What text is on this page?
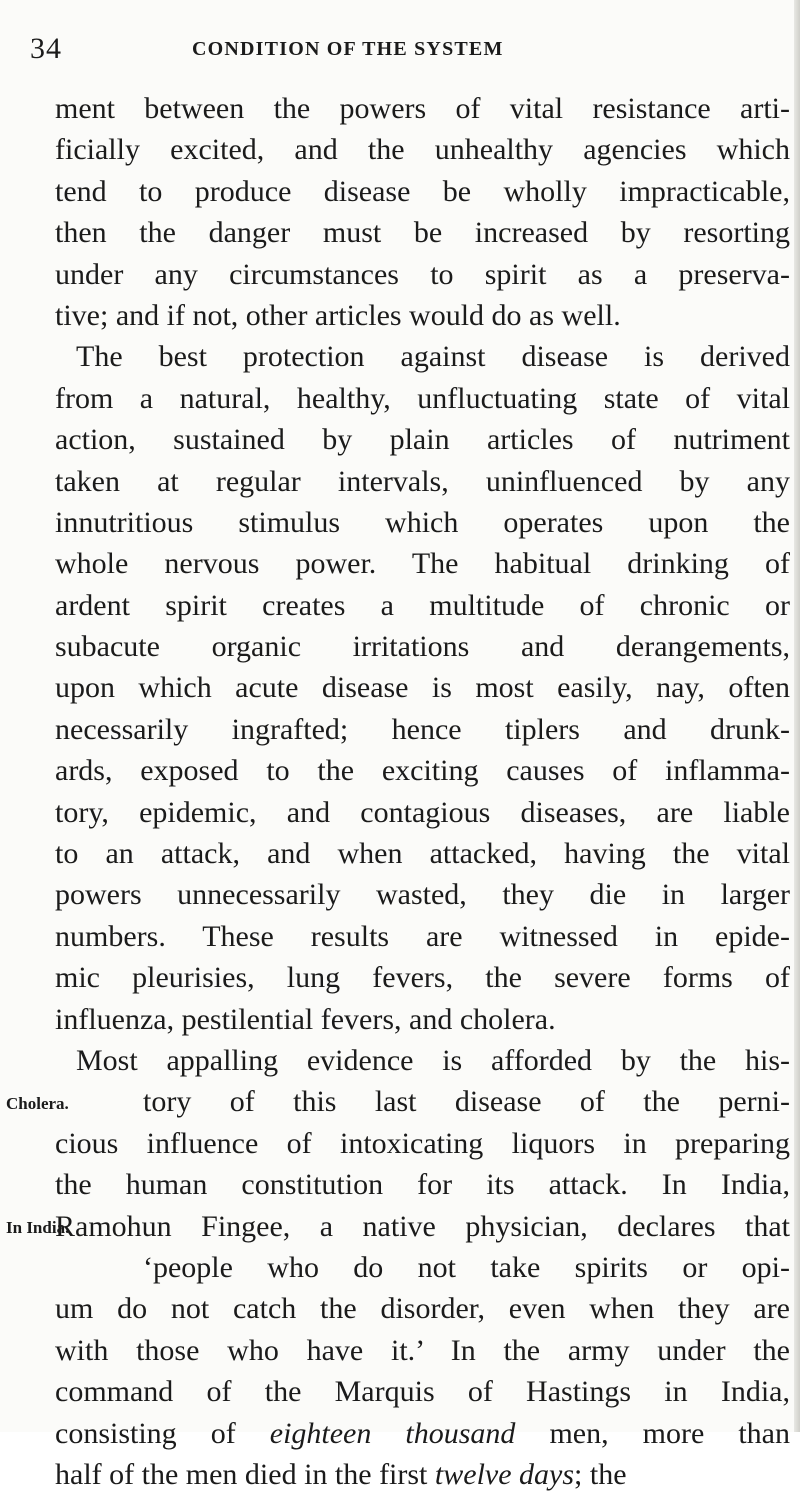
34	CONDITION OF THE SYSTEM
ment between the powers of vital resistance arti-
ficially excited, and the unhealthy agencies which
tend to produce disease be wholly impracticable,
then the danger must be increased by resorting
under any circumstances to spirit as a preserva-
tive; and if not, other articles would do as well.
The best protection against disease is derived
from a natural, healthy, unfluctuating state of vital
action, sustained by plain articles of nutriment
taken at regular intervals, uninfluenced by any
innutritious stimulus which operates upon the
whole nervous power. The habitual drinking of
ardent spirit creates a multitude of chronic or
subacute organic irritations and derangements,
upon which acute disease is most easily, nay, often
necessarily ingrafted; hence tiplers and drunk-
ards, exposed to the exciting causes of inflamma-
tory, epidemic, and contagious diseases, are liable
to an attack, and when attacked, having the vital
powers unnecessarily wasted, they die in larger
numbers. These results are witnessed in epide-
mic pleurisies, lung fevers, the severe forms of
influenza, pestilential fevers, and cholera.
Most appalling evidence is afforded by the his-
tory of this last disease of the perni-
cious influence of intoxicating liquors in preparing
the human constitution for its attack. In India,
Ramohun Fingee, a native physician, declares that
‘people who do not take spirits or opi-
um do not catch the disorder, even when they are
with those who have it.’ In the army under the
command of the Marquis of Hastings in India,
consisting of eighteen thousand men, more than
half of the men died in the first twelve days; the
Cholera.
In India.
